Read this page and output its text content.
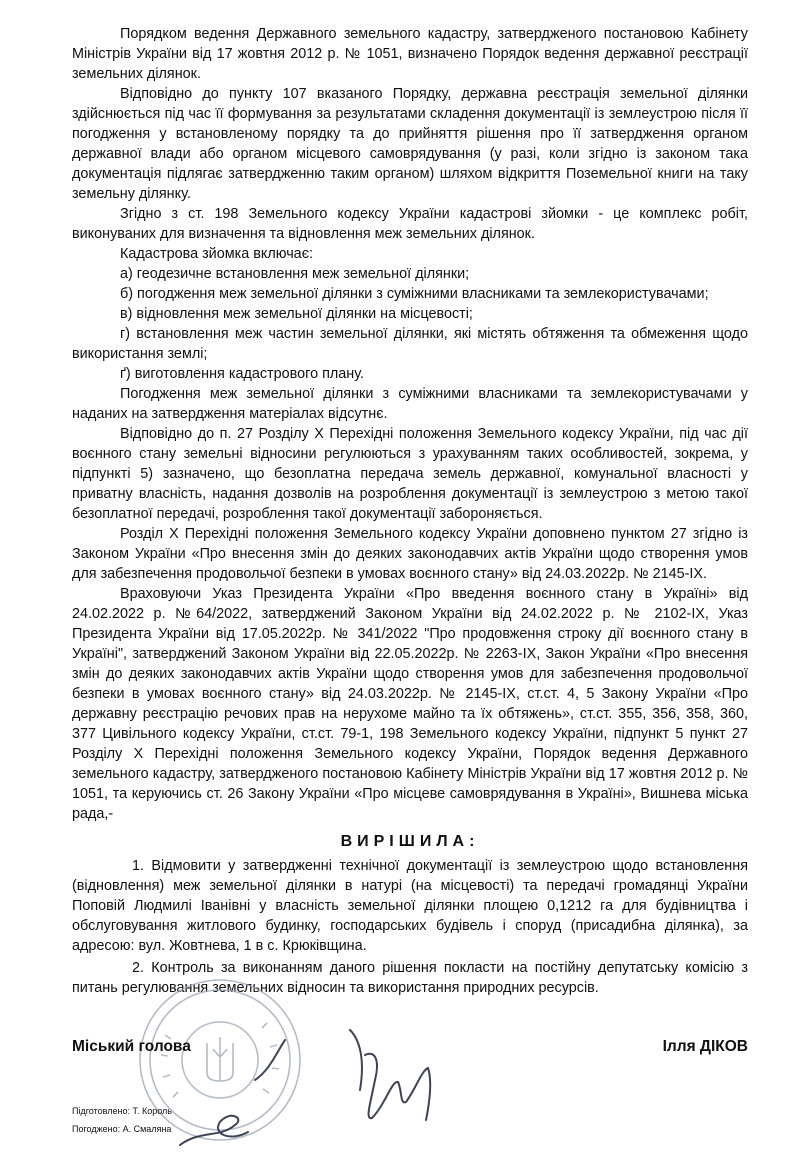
Порядком ведення Державного земельного кадастру, затвердженого постановою Кабінету Міністрів України від 17 жовтня 2012 р. № 1051, визначено Порядок ведення державної реєстрації земельних ділянок.

Відповідно до пункту 107 вказаного Порядку, державна реєстрація земельної ділянки здійснюється під час її формування за результатами складення документації із землеустрою після її погодження у встановленому порядку та до прийняття рішення про її затвердження органом державної влади або органом місцевого самоврядування (у разі, коли згідно із законом така документація підлягає затвердженню таким органом) шляхом відкриття Поземельної книги на таку земельну ділянку.

Згідно з ст. 198 Земельного кодексу України кадастрові зйомки - це комплекс робіт, виконуваних для визначення та відновлення меж земельних ділянок.

Кадастрова зйомка включає:

а) геодезичне встановлення меж земельної ділянки;

б) погодження меж земельної ділянки з суміжними власниками та землекористувачами;

в) відновлення меж земельної ділянки на місцевості;

г) встановлення меж частин земельної ділянки, які містять обтяження та обмеження щодо використання землі;

ґ) виготовлення кадастрового плану.

Погодження меж земельної ділянки з суміжними власниками та землекористувачами у наданих на затвердження матеріалах відсутнє.

Відповідно до п. 27 Розділу Х Перехідні положення Земельного кодексу України, під час дії воєнного стану земельні відносини регулюються з урахуванням таких особливостей, зокрема, у підпункті 5) зазначено, що безоплатна передача земель державної, комунальної власності у приватну власність, надання дозволів на розроблення документації із землеустрою з метою такої безоплатної передачі, розроблення такої документації забороняється.

Розділ Х Перехідні положення Земельного кодексу України доповнено пунктом 27 згідно із Законом України «Про внесення змін до деяких законодавчих актів України щодо створення умов для забезпечення продовольчої безпеки в умовах воєнного стану» від 24.03.2022р. № 2145-IX.

Враховуючи Указ Президента України «Про введення воєнного стану в Україні» від 24.02.2022 р. №64/2022, затверджений Законом України від 24.02.2022 р. № 2102-IX, Указ Президента України від 17.05.2022р. № 341/2022 "Про продовження строку дії воєнного стану в Україні", затверджений Законом України від 22.05.2022р. № 2263-IX, Закон України «Про внесення змін до деяких законодавчих актів України щодо створення умов для забезпечення продовольчої безпеки в умовах воєнного стану» від 24.03.2022р. № 2145-IX, ст.ст. 4, 5 Закону України «Про державну реєстрацію речових прав на нерухоме майно та їх обтяжень», ст.ст. 355, 356, 358, 360, 377 Цивільного кодексу України, ст.ст. 79-1, 198 Земельного кодексу України, підпункт 5 пункт 27 Розділу Х Перехідні положення Земельного кодексу України, Порядок ведення Державного земельного кадастру, затвердженого постановою Кабінету Міністрів України від 17 жовтня 2012 р. № 1051, та керуючись ст. 26 Закону України «Про місцеве самоврядування в Україні», Вишнева міська рада,-

ВИРІШИЛА:

1. Відмовити у затвердженні технічної документації із землеустрою щодо встановлення (відновлення) меж земельної ділянки в натурі (на місцевості) та передачі громадянці України Поповій Людмилі Іванівні у власність земельної ділянки площею 0,1212 га для будівництва і обслуговування житлового будинку, господарських будівель і споруд (присадибна ділянка), за адресою: вул. Жовтнева, 1 в с. Крюківщина.

2. Контроль за виконанням даного рішення покласти на постійну депутатську комісію з питань регулювання земельних відносин та використання природних ресурсів.

Міський голова	Ілля ДІКОВ
Підготовлено: Т. Король
Погоджено: А. Смаляна
